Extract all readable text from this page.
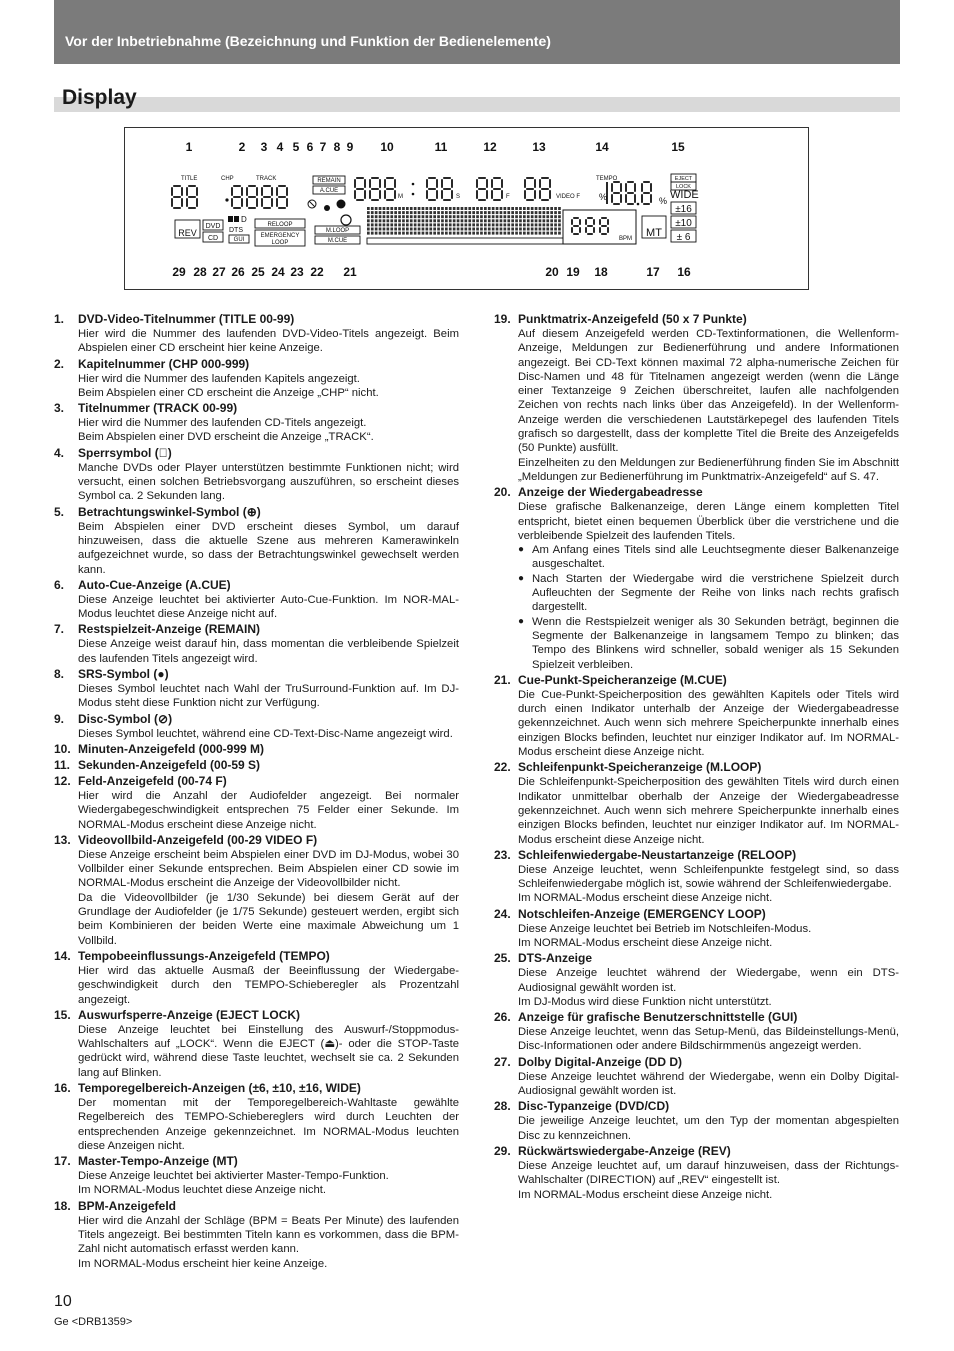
Vor der Inbetriebnahme (Bezeichnung und Funktion der Bedienelemente)
Display
1	2 3 4 5 6 7 8 9 10	11	12	13	14	15
29 28 27 26 25 24 23 22 21	20 19 18	17 16
TITLE	CHP	TRACK	REMAIN
A.CUE
M	S	F	VIDEO F
TEMPO
%	%
EJECT
LOCK
WIDE
±16
±10
± 6
REV
DVD
CD
D
DTS
GUI
RELOOP
EMERGENCY
LOOP
M.LOOP
M.CUE	BPM MT
1. DVD-Video-Titelnummer (TITLE 00-99)

Hier wird die Nummer des laufenden DVD-Video-Titels angezeigt. Beim Abspielen einer CD erscheint hier keine Anzeige.

2. Kapitelnummer (CHP 000-999)

Hier wird die Nummer des laufenden Kapitels angezeigt.

Beim Abspielen einer CD erscheint die Anzeige „CHP“ nicht.

3. Titelnummer (TRACK 00-99)

Hier wird die Nummer des laufenden CD-Titels angezeigt.

Beim Abspielen einer DVD erscheint die Anzeige „TRACK“.

4. Sperrsymbol (⃠)

Manche DVDs oder Player unterstützen bestimmte Funktionen nicht; wird versucht, einen solchen Betriebsvorgang auszuführen, so erscheint dieses Symbol ca. 2 Sekunden lang.

5. Betrachtungswinkel-Symbol (⊕)

Beim Abspielen einer DVD erscheint dieses Symbol, um darauf hinzuweisen, dass die aktuelle Szene aus mehreren Kamerawinkeln aufgezeichnet wurde, so dass der Betrachtungswinkel gewechselt werden kann.

6. Auto-Cue-Anzeige (A.CUE)

Diese Anzeige leuchtet bei aktivierter Auto-Cue-Funktion. Im NOR-MAL-Modus leuchtet diese Anzeige nicht auf.

7. Restspielzeit-Anzeige (REMAIN)

Diese Anzeige weist darauf hin, dass momentan die verbleibende Spielzeit des laufenden Titels angezeigt wird.

8. SRS-Symbol (●)

Dieses Symbol leuchtet nach Wahl der TruSurround-Funktion auf. Im DJ-Modus steht diese Funktion nicht zur Verfügung.

9. Disc-Symbol (⊘)

Dieses Symbol leuchtet, während eine CD-Text-Disc-Name angezeigt wird.

10. Minuten-Anzeigefeld (000-999 M)
11. Sekunden-Anzeigefeld (00-59 S)
12. Feld-Anzeigefeld (00-74 F)

Hier wird die Anzahl der Audiofelder angezeigt. Bei normaler Wiedergabegeschwindigkeit entsprechen 75 Felder einer Sekunde. Im NORMAL-Modus erscheint diese Anzeige nicht.

13. Videovollbild-Anzeigefeld (00-29 VIDEO F)

Diese Anzeige erscheint beim Abspielen einer DVD im DJ-Modus, wobei 30 Vollbilder einer Sekunde entsprechen. Beim Abspielen einer CD sowie im NORMAL-Modus erscheint die Anzeige der Videovollbilder nicht.

Da die Videovollbilder (je 1/30 Sekunde) bei diesem Gerät auf der Grundlage der Audiofelder (je 1/75 Sekunde) gesteuert werden, ergibt sich beim Kombinieren der beiden Werte eine maximale Abweichung um 1 Vollbild.

14. Tempobeeinflussungs-Anzeigefeld (TEMPO)

Hier wird das aktuelle Ausmaß der Beeinflussung der Wiedergabe-geschwindigkeit durch den TEMPO-Schieberegler als Prozentzahl angezeigt.

15. Auswurfsperre-Anzeige (EJECT LOCK)

Diese Anzeige leuchtet bei Einstellung des Auswurf-/Stoppmodus-Wahlschalters auf „LOCK“. Wenn die EJECT (⏏)- oder die STOP-Taste gedrückt wird, während diese Taste leuchtet, wechselt sie ca. 2 Sekunden lang auf Blinken.

16. Temporegelbereich-Anzeigen (±6, ±10, ±16, WIDE)

Der momentan mit der Temporegelbereich-Wahltaste gewählte Regelbereich des TEMPO-Schiebereglers wird durch Leuchten der entsprechenden Anzeige gekennzeichnet. Im NORMAL-Modus leuchten diese Anzeigen nicht.

17. Master-Tempo-Anzeige (MT)

Diese Anzeige leuchtet bei aktivierter Master-Tempo-Funktion.

Im NORMAL-Modus leuchtet diese Anzeige nicht.

18. BPM-Anzeigefeld

Hier wird die Anzahl der Schläge (BPM = Beats Per Minute) des laufenden Titels angezeigt. Bei bestimmten Titeln kann es vorkommen, dass die BPM-Zahl nicht automatisch erfasst werden kann.

Im NORMAL-Modus erscheint hier keine Anzeige.

19. Punktmatrix-Anzeigefeld (50 x 7 Punkte)

Auf diesem Anzeigefeld werden CD-Textinformationen, die Wellenform-Anzeige, Meldungen zur Bedienerführung und andere Informationen angezeigt. Bei CD-Text können maximal 72 alpha-numerische Zeichen für Disc-Namen und 48 für Titelnamen angezeigt werden (wenn die Länge einer Textanzeige 9 Zeichen überschreitet, laufen alle nachfolgenden Zeichen von rechts nach links über das Anzeigefeld). In der Wellenform-Anzeige werden die verschiedenen Lautstärkepegel des laufenden Titels grafisch so dargestellt, dass der komplette Titel die Breite des Anzeigefelds (50 Punkte) ausfüllt.

Einzelheiten zu den Meldungen zur Bedienerführung finden Sie im Abschnitt „Meldungen zur Bedienerführung im Punktmatrix-Anzeigefeld“ auf S. 47.

20. Anzeige der Wiedergabeadresse

Diese grafische Balkenanzeige, deren Länge einem kompletten Titel entspricht, bietet einen bequemen Überblick über die verstrichene und die verbleibende Spielzeit des laufenden Titels.

● Am Anfang eines Titels sind alle Leuchtsegmente dieser Balkenanzeige ausgeschaltet.

● Nach Starten der Wiedergabe wird die verstrichene Spielzeit durch Aufleuchten der Segmente der Reihe von links nach rechts grafisch dargestellt.

● Wenn die Restspielzeit weniger als 30 Sekunden beträgt, beginnen die Segmente der Balkenanzeige in langsamem Tempo zu blinken; das Tempo des Blinkens wird schneller, sobald weniger als 15 Sekunden Spielzeit verbleiben.

21. Cue-Punkt-Speicheranzeige (M.CUE)

Die Cue-Punkt-Speicherposition des gewählten Kapitels oder Titels wird durch einen Indikator unterhalb der Anzeige der Wiedergabeadresse gekennzeichnet. Auch wenn sich mehrere Speicherpunkte innerhalb eines einzigen Blocks befinden, leuchtet nur einziger Indikator auf. Im NORMAL-Modus erscheint diese Anzeige nicht.

22. Schleifenpunkt-Speicheranzeige (M.LOOP)

Die Schleifenpunkt-Speicherposition des gewählten Titels wird durch einen Indikator unmittelbar oberhalb der Anzeige der Wiedergabeadresse gekennzeichnet. Auch wenn sich mehrere Speicherpunkte innerhalb eines einzigen Blocks befinden, leuchtet nur einziger Indikator auf. Im NORMAL-Modus erscheint diese Anzeige nicht.

23. Schleifenwiedergabe-Neustartanzeige (RELOOP)

Diese Anzeige leuchtet, wenn Schleifenpunkte festgelegt sind, so dass Schleifenwiedergabe möglich ist, sowie während der Schleifenwiedergabe.

Im NORMAL-Modus erscheint diese Anzeige nicht.

24. Notschleifen-Anzeige (EMERGENCY LOOP)

Diese Anzeige leuchtet bei Betrieb im Notschleifen-Modus.

Im NORMAL-Modus erscheint diese Anzeige nicht.

25. DTS-Anzeige

Diese Anzeige leuchtet während der Wiedergabe, wenn ein DTS-Audiosignal gewählt worden ist.

Im DJ-Modus wird diese Funktion nicht unterstützt.

26. Anzeige für grafische Benutzerschnittstelle (GUI)

Diese Anzeige leuchtet, wenn das Setup-Menü, das Bildeinstellungs-Menü, Disc-Informationen oder andere Bildschirmmenüs angezeigt werden.

27. Dolby Digital-Anzeige (DD D)

Diese Anzeige leuchtet während der Wiedergabe, wenn ein Dolby Digital-Audiosignal gewählt worden ist.

28. Disc-Typanzeige (DVD/CD)

Die jeweilige Anzeige leuchtet, um den Typ der momentan abgespielten Disc zu kennzeichnen.

29. Rückwärtswiedergabe-Anzeige (REV)

Diese Anzeige leuchtet auf, um darauf hinzuweisen, dass der Richtungs-Wahlschalter (DIRECTION) auf „REV“ eingestellt ist.

Im NORMAL-Modus erscheint diese Anzeige nicht.

10
Ge <DRB1359>
